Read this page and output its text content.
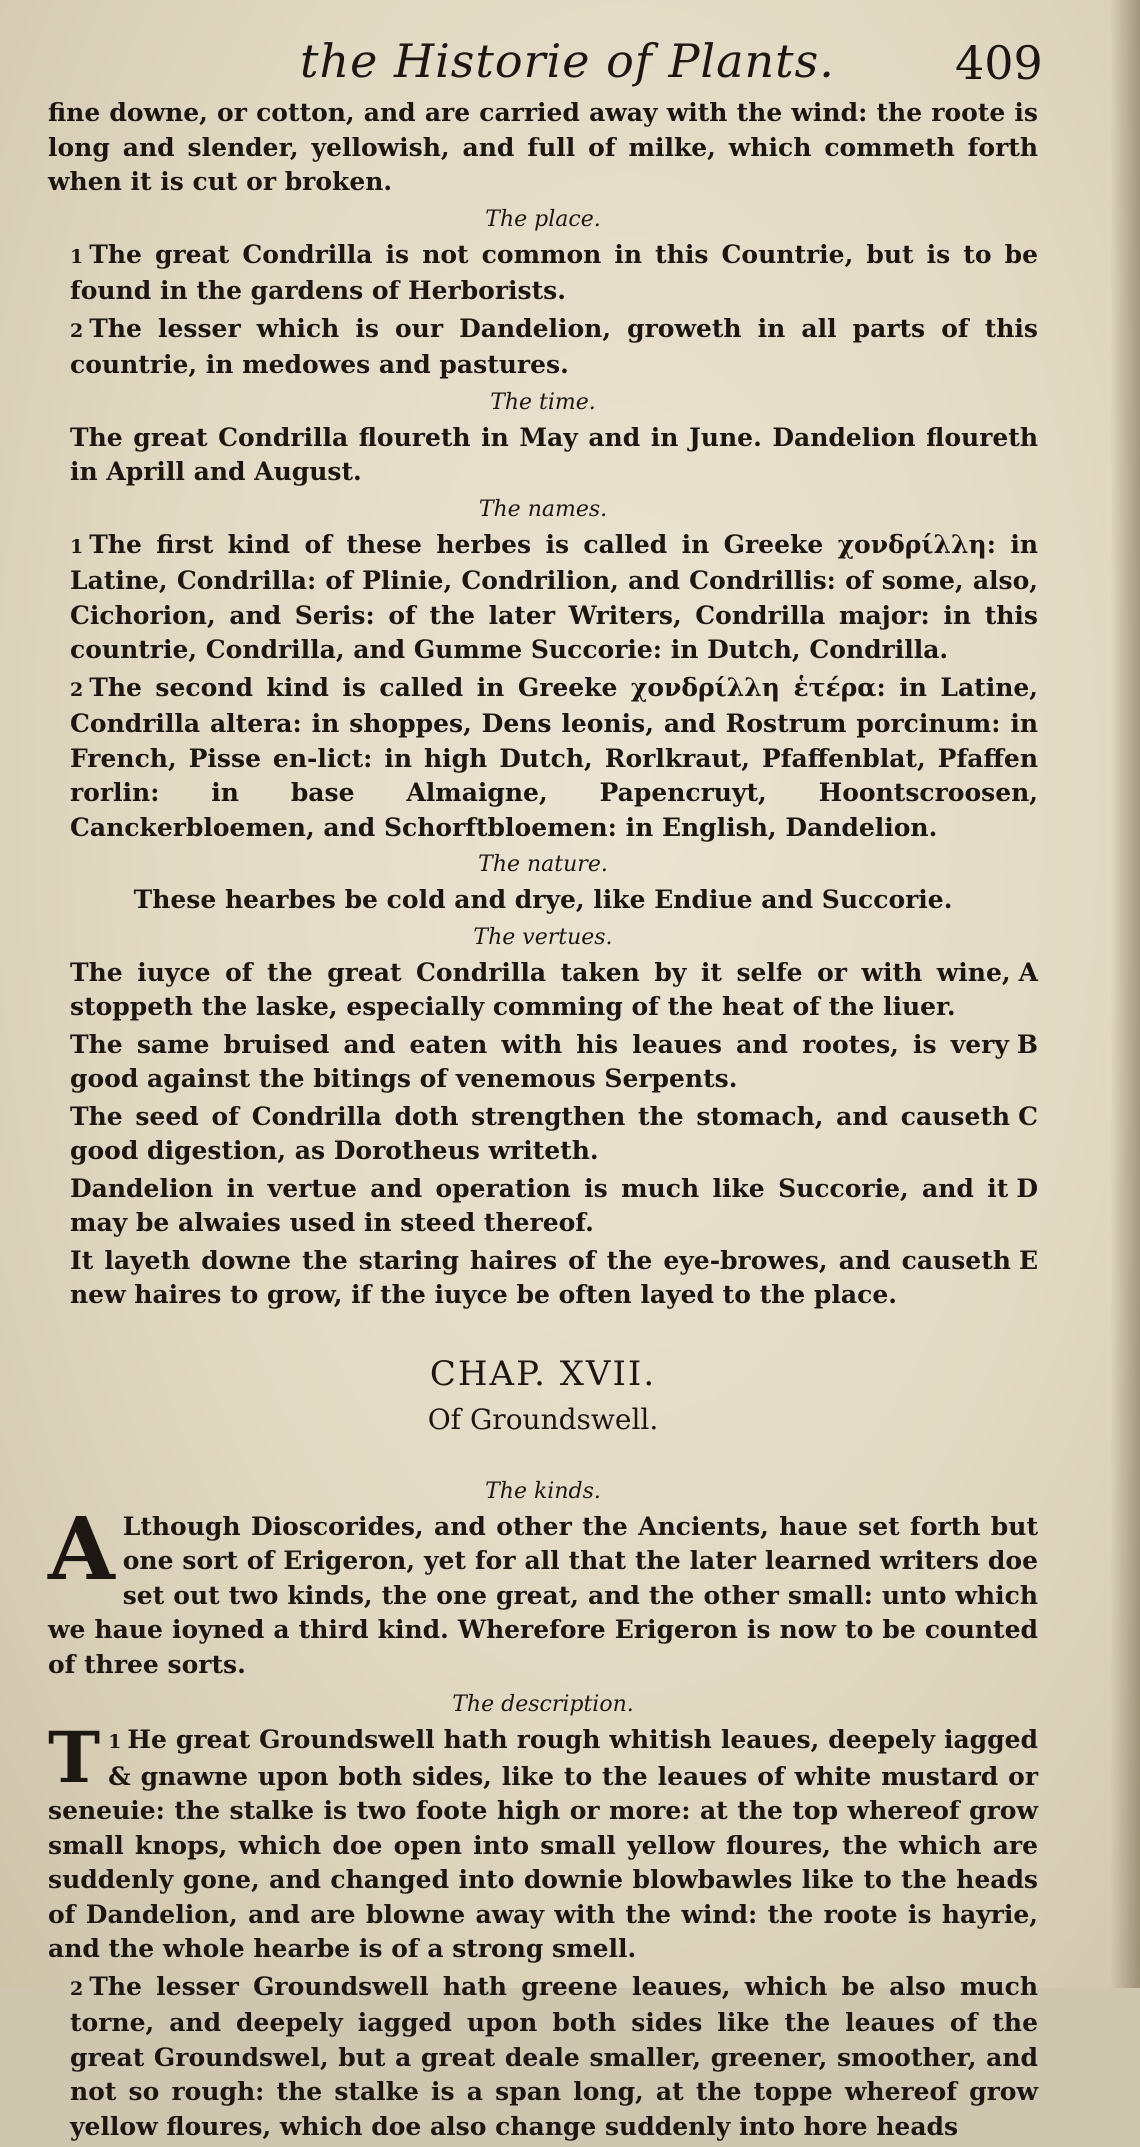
the Historie of Plants.	409

fine downe, or cotton, and are carried away with the wind: the roote is long and slender, yellowish, and full of milke, which commeth forth when it is cut or broken.

The place.

1 The great Condrilla is not common in this Countrie, but is to be found in the gardens of Herborists.

2 The lesser which is our Dandelion, groweth in all parts of this countrie, in medowes and pastures.

The time.

The great Condrilla floureth in May and in June. Dandelion floureth in Aprill and August.

The names.

1 The first kind of these herbes is called in Greeke χονδρίλλη: in Latine, Condrilla: of Plinie, Condrilion, and Condrillis: of some, also, Cichorion, and Seris: of the later Writers, Condrilla major: in this countrie, Condrilla, and Gumme Succorie: in Dutch, Condrilla.

2 The second kind is called in Greeke χονδρίλλη ἑτέρα: in Latine, Condrilla altera: in shoppes, Dens leonis, and Rostrum porcinum: in French, Pisse en-lict: in high Dutch, Rorlkraut, Pfaffenblat, Pfaffen rorlin: in base Almaigne, Papencruyt, Hoontscroosen, Canckerbloemen, and Schorftbloemen: in English, Dandelion.

The nature.

These hearbes be cold and drye, like Endiue and Succorie.

The vertues.

A
The iuyce of the great Condrilla taken by it selfe or with wine, stoppeth the laske, especially comming of the heat of the liuer.

B
The same bruised and eaten with his leaues and rootes, is very good against the bitings of venemous Serpents.

C
The seed of Condrilla doth strengthen the stomach, and causeth good digestion, as Dorotheus writeth.

D
Dandelion in vertue and operation is much like Succorie, and it may be alwaies used in steed thereof.

E
It layeth downe the staring haires of the eye-browes, and causeth new haires to grow, if the iuyce be often layed to the place.

CHAP. XVII.
Of Groundswell.
The kinds.

A Lthough Dioscorides, and other the Ancients, haue set forth but one sort of Erigeron, yet for all that the later learned writers doe set out two kinds, the one great, and the other small: unto which we haue ioyned a third kind. Wherefore Erigeron is now to be counted of three sorts.

The description.

1
T He great Groundswell hath rough whitish leaues, deepely iagged & gnawne upon both sides, like to the leaues of white mustard or seneuie: the stalke is two foote high or more: at the top whereof grow small knops, which doe open into small yellow floures, the which are suddenly gone, and changed into downie blowbawles like to the heads of Dandelion, and are blowne away with the wind: the roote is hayrie, and the whole hearbe is of a strong smell.

2 The lesser Groundswell hath greene leaues, which be also much torne, and deepely iagged upon both sides like the leaues of the great Groundswel, but a great deale smaller, greener, smoother, and not so rough: the stalke is a span long, at the toppe whereof grow yellow floures, which doe also change suddenly into hore heads
